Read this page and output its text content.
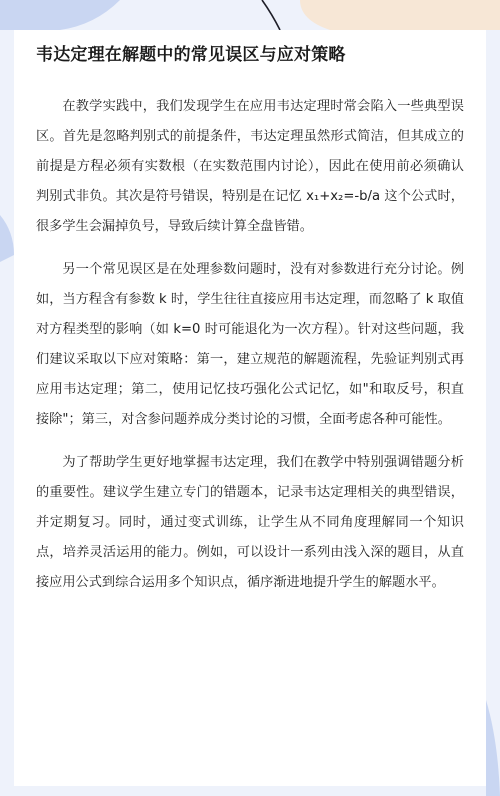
韦达定理在解题中的常见误区与应对策略

在教学实践中，我们发现学生在应用韦达定理时常会陷入一些典型误区。首先是忽略判别式的前提条件，韦达定理虽然形式简洁，但其成立的前提是方程必须有实数根（在实数范围内讨论），因此在使用前必须确认判别式非负。其次是符号错误，特别是在记忆 x₁+x₂=-b/a 这个公式时，很多学生会漏掉负号，导致后续计算全盘皆错。

另一个常见误区是在处理参数问题时，没有对参数进行充分讨论。例如，当方程含有参数 k 时，学生往往直接应用韦达定理，而忽略了 k 取值对方程类型的影响（如 k=0 时可能退化为一次方程）。针对这些问题，我们建议采取以下应对策略：第一，建立规范的解题流程，先验证判别式再应用韦达定理；第二，使用记忆技巧强化公式记忆，如"和取反号，积直接除"；第三，对含参问题养成分类讨论的习惯，全面考虑各种可能性。

为了帮助学生更好地掌握韦达定理，我们在教学中特别强调错题分析的重要性。建议学生建立专门的错题本，记录韦达定理相关的典型错误，并定期复习。同时，通过变式训练，让学生从不同角度理解同一个知识点，培养灵活运用的能力。例如，可以设计一系列由浅入深的题目，从直接应用公式到综合运用多个知识点，循序渐进地提升学生的解题水平。
